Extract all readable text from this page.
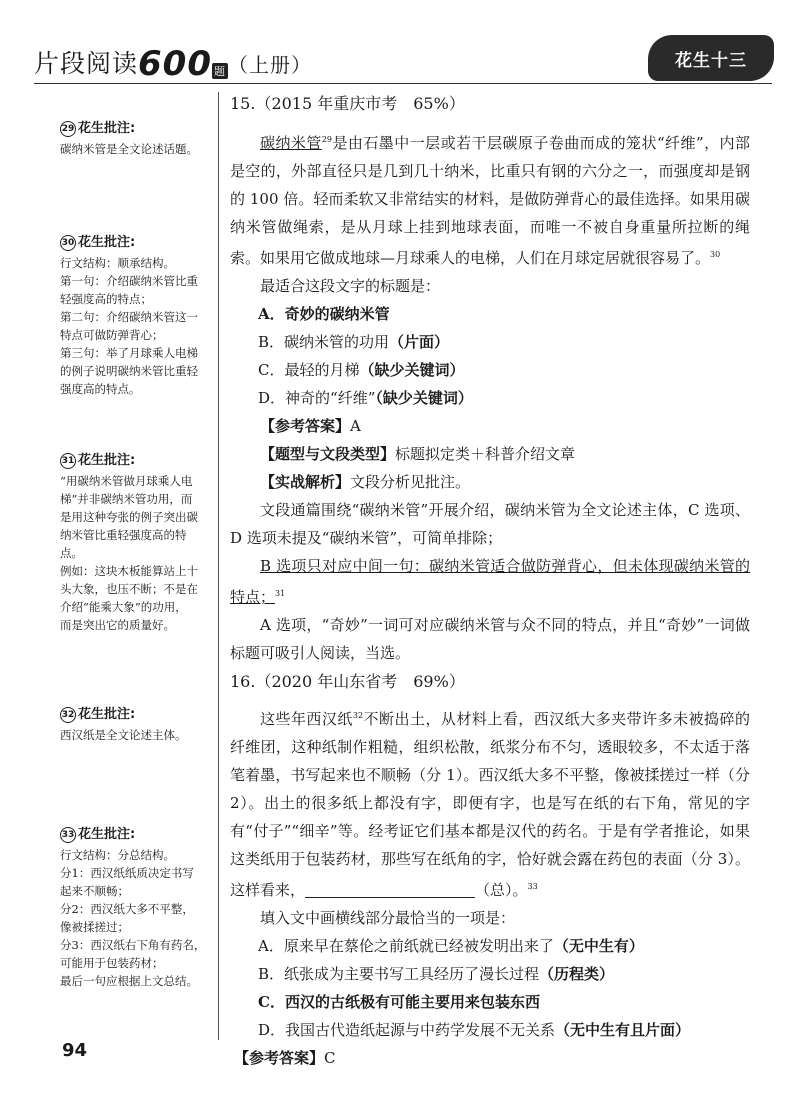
片段阅读600 题 （上册）	花生十三
29 花生批注:

碳纳米管是全文论述话题。

30 花生批注:

行文结构：顺承结构。

第一句：介绍碳纳米管比重

轻强度高的特点；

第二句：介绍碳纳米管这一

特点可做防弹背心；

第三句：举了月球乘人电梯

的例子说明碳纳米管比重轻

强度高的特点。

31 花生批注:

“用碳纳米管做月球乘人电

梯”并非碳纳米管功用，而

是用这种夸张的例子突出碳

纳米管比重轻强度高的特

点。

例如：这块木板能算站上十

头大象，也压不断；不是在

介绍“能乘大象”的功用，

而是突出它的质量好。

32 花生批注:

西汉纸是全文论述主体。

33 花生批注:

行文结构：分总结构。

分1：西汉纸纸质决定书写

起来不顺畅；

分2：西汉纸大多不平整，

像被揉搓过；

分3：西汉纸右下角有药名，

可能用于包装药材；

最后一句应根据上文总结。

15.（2015 年重庆市考　65%）

碳纳米管$^{29}$是由石墨中一层或若干层碳原子卷曲而成的笼状“纤维”，内部是空的，外部直径只是几到几十纳米，比重只有钢的六分之一，而强度却是钢的 100 倍。轻而柔软又非常结实的材料，是做防弹背心的最佳选择。如果用碳纳米管做绳索，是从月球上挂到地球表面，而唯一不被自身重量所拉断的绳索。如果用它做成地球—月球乘人的电梯，人们在月球定居就很容易了。$^{30}$

最适合这段文字的标题是：

A．奇妙的碳纳米管

B．碳纳米管的功用（片面）

C．最轻的月梯（缺少关键词）

D．神奇的“纤维”（缺少关键词）

【参考答案】A

【题型与文段类型】标题拟定类＋科普介绍文章

【实战解析】文段分析见批注。

文段通篇围绕“碳纳米管”开展介绍，碳纳米管为全文论述主体，C 选项、D 选项未提及“碳纳米管”，可简单排除；

B 选项只对应中间一句：碳纳米管适合做防弹背心，但未体现碳纳米管的特点；$^{31}$

A 选项，“奇妙”一词可对应碳纳米管与众不同的特点，并且“奇妙”一词做标题可吸引人阅读，当选。

16.（2020 年山东省考　69%）

这些年西汉纸$^{32}$不断出土，从材料上看，西汉纸大多夹带许多未被捣碎的纤维团，这种纸制作粗糙，组织松散，纸浆分布不匀，透眼较多，不太适于落笔着墨，书写起来也不顺畅（分 1）。西汉纸大多不平整，像被揉搓过一样（分 2）。出土的很多纸上都没有字，即便有字，也是写在纸的右下角，常见的字有“付子”“细辛”等。经考证它们基本都是汉代的药名。于是有学者推论，如果这类纸用于包装药材，那些写在纸角的字，恰好就会露在药包的表面（分 3）。这样看来，	（总）。$^{33}$

填入文中画横线部分最恰当的一项是：

A．原来早在蔡伦之前纸就已经被发明出来了（无中生有）

B．纸张成为主要书写工具经历了漫长过程（历程类）

C．西汉的古纸极有可能主要用来包装东西

D．我国古代造纸起源与中药学发展不无关系（无中生有且片面）

【参考答案】C

94
